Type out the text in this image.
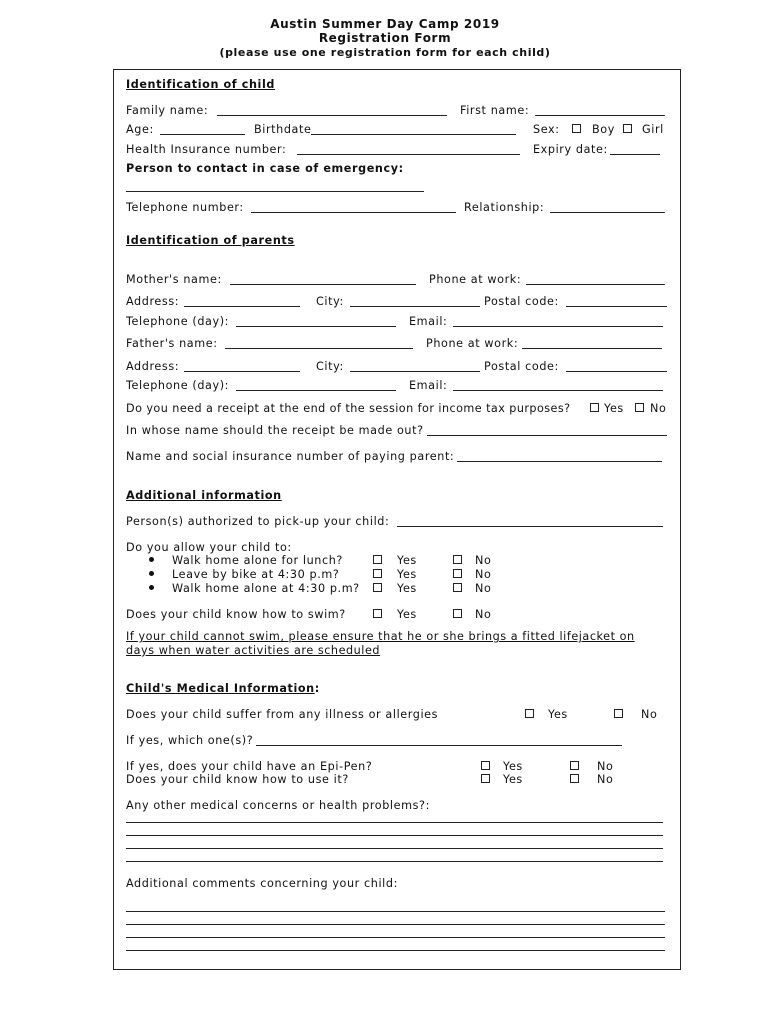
Austin Summer Day Camp 2019
Registration Form
(please use one registration form for each child)
Identification of child
Family name:	First name:
Age:	Birthdate	Sex:	Boy Girl
Health Insurance number:	Expiry date:
Person to contact in case of emergency:
Telephone number:	Relationship:
Identification of parents
Mother's name:	Phone at work:
Address:	City:	Postal code:
Telephone (day):	Email:
Father's name:	Phone at work:
Address:	City:	Postal code:
Telephone (day):	Email:
Do you need a receipt at the end of the session for income tax purposes?	Yes No
In whose name should the receipt be made out?
Name and social insurance number of paying parent:
Additional information
Person(s) authorized to pick-up your child:
Do you allow your child to:
Walk home alone for lunch?	Yes	No
Leave by bike at 4:30 p.m?	Yes	No
Walk home alone at 4:30 p.m?	Yes	No
Does your child know how to swim?	Yes	No
If your child cannot swim, please ensure that he or she brings a fitted lifejacket on
days when water activities are scheduled
Child's Medical Information:
Does your child suffer from any illness or allergies	Yes	No
If yes, which one(s)?
If yes, does your child have an Epi-Pen?	Yes	No
Does your child know how to use it?	Yes	No
Any other medical concerns or health problems?:
Additional comments concerning your child:
